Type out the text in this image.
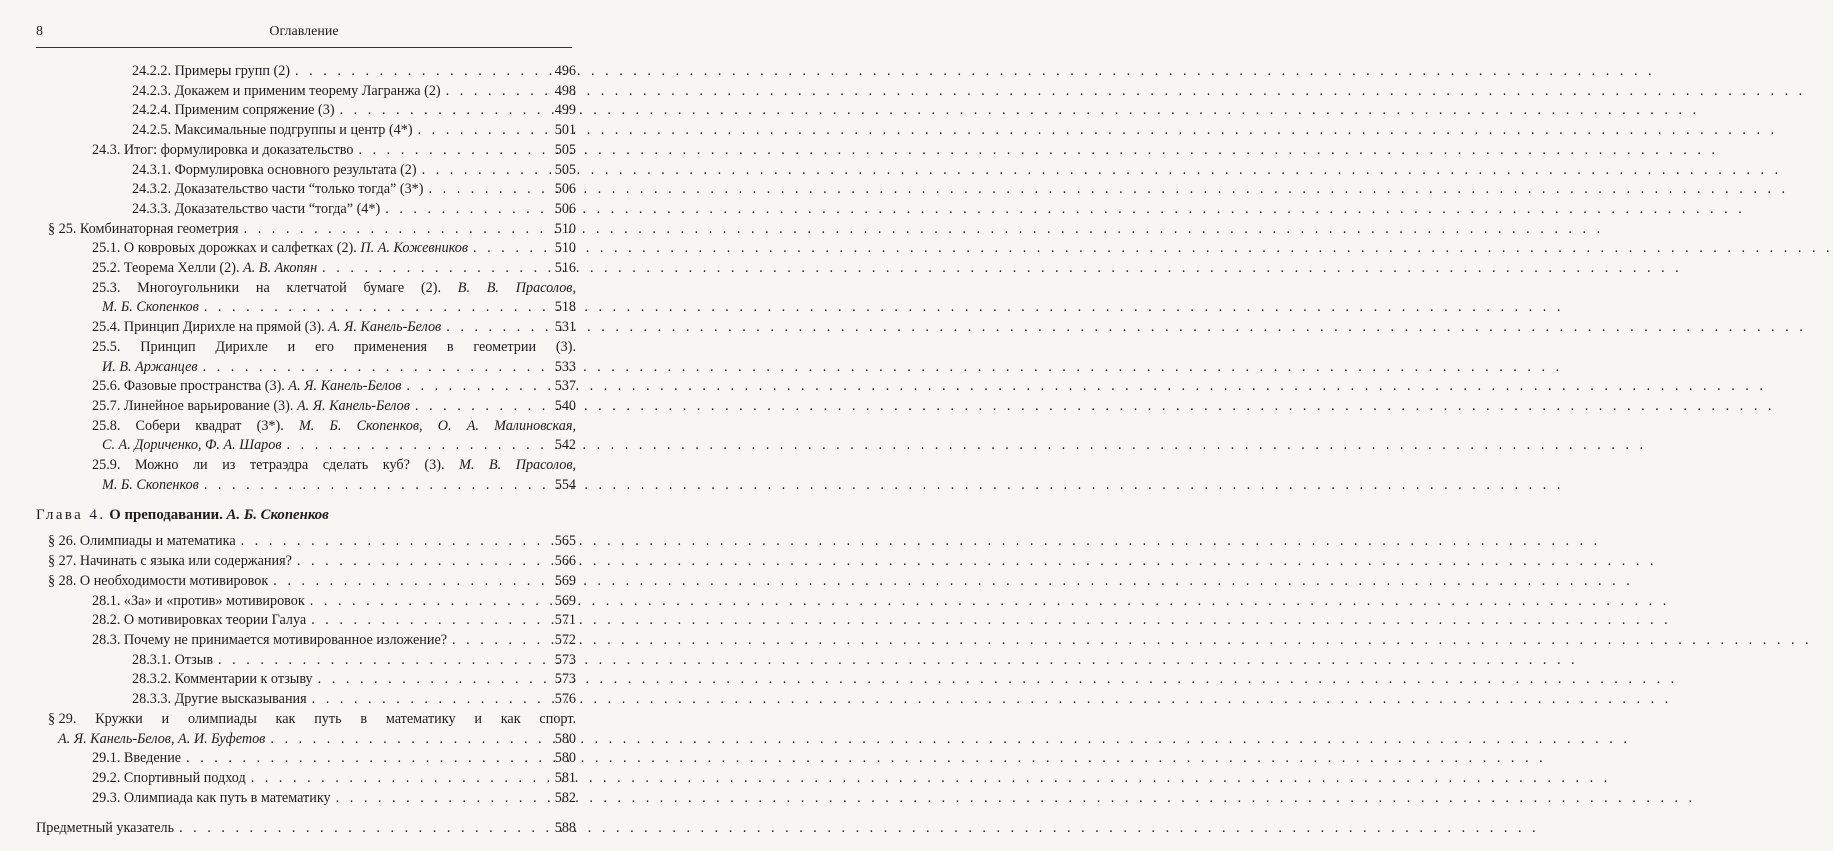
8	Оглавление
24.2.2. Примеры групп (2) . . .	496
24.2.3. Докажем и применим теорему Лагранжа (2) . . .	498
24.2.4. Применим сопряжение (3) . . .	499
24.2.5. Максимальные подгруппы и центр (4*) . . .	501
24.3. Итог: формулировка и доказательство . . .	505
24.3.1. Формулировка основного результата (2) . . .	505
24.3.2. Доказательство части “только тогда” (3*) . . .	506
24.3.3. Доказательство части “тогда” (4*) . . .	506
§ 25. Комбинаторная геометрия . . .	510
25.1. О ковровых дорожках и салфетках (2). П. А. Кожевников . . .	510
25.2. Теорема Хелли (2). А. В. Акопян . . .	516
25.3. Многоугольники на клетчатой бумаге (2). В. В. Прасолов,
М. Б. Скопенков . . .	518
25.4. Принцип Дирихле на прямой (3). А. Я. Канель-Белов . . .	531
25.5. Принцип Дирихле и его применения в геометрии (3).
И. В. Аржанцев . . .	533
25.6. Фазовые пространства (3). А. Я. Канель-Белов . . .	537
25.7. Линейное варьирование (3). А. Я. Канель-Белов . . .	540
25.8. Собери квадрат (3*). М. Б. Скопенков, О. А. Малиновская,
С. А. Дориченко, Ф. А. Шаров . . .	542
25.9. Можно ли из тетраэдра сделать куб? (3). М. В. Прасолов,
М. Б. Скопенков . . .	554
Глава 4. О преподавании. А. Б. Скопенков
§ 26. Олимпиады и математика . . .	565
§ 27. Начинать с языка или содержания? . . .	566
§ 28. О необходимости мотивировок . . .	569
28.1. «За» и «против» мотивировок . . .	569
28.2. О мотивировках теории Галуа . . .	571
28.3. Почему не принимается мотивированное изложение? . . .	572
28.3.1. Отзыв . . .	573
28.3.2. Комментарии к отзыву . . .	573
28.3.3. Другие высказывания . . .	576
§ 29. Кружки и олимпиады как путь в математику и как спорт.
А. Я. Канель-Белов, А. И. Буфетов . . .	580
29.1. Введение . . .	580
29.2. Спортивный подход . . .	581
29.3. Олимпиада как путь в математику . . .	582
Предметный указатель . . .	588
